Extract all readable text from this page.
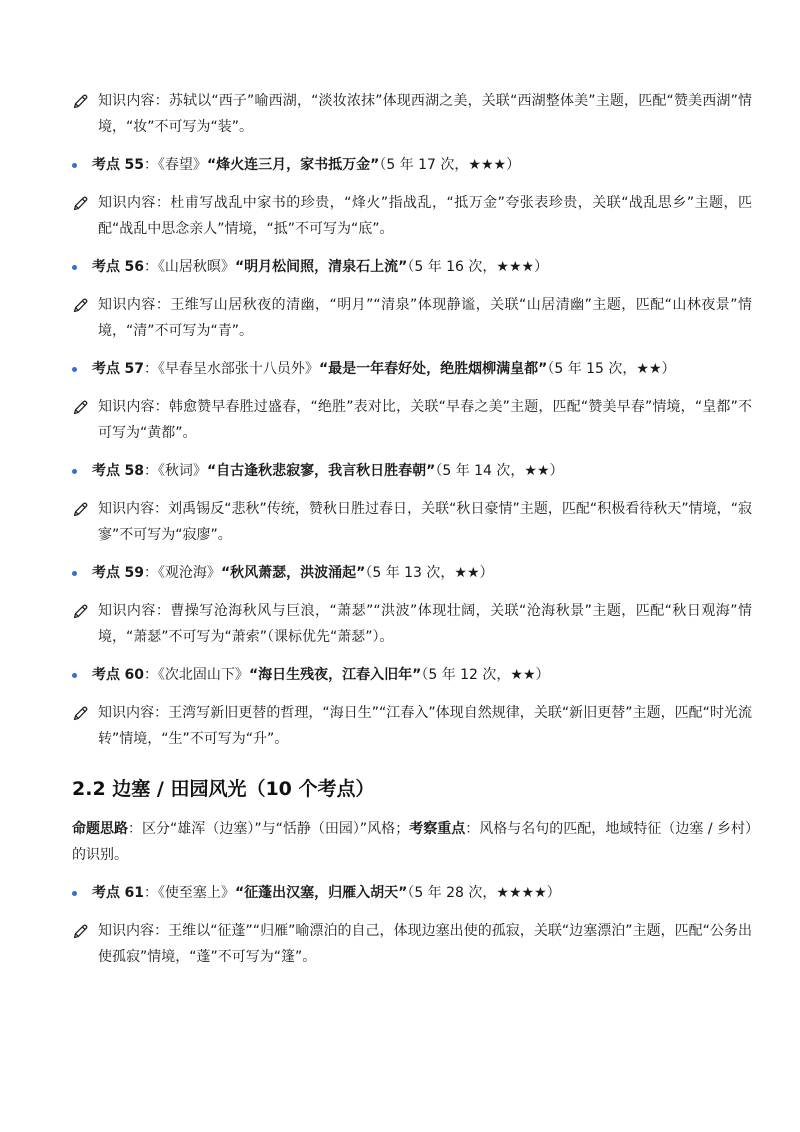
知识内容：苏轼以“西子”喻西湖，“淡妆浓抹”体现西湖之美，关联“西湖整体美”主题，匹配“赞美西湖”情境，“妆”不可写为“装”。

考点 55：《春望》“烽火连三月，家书抵万金”（5 年 17 次，★★★）

知识内容：杜甫写战乱中家书的珍贵，“烽火”指战乱，“抵万金”夸张表珍贵，关联“战乱思乡”主题，匹配“战乱中思念亲人”情境，“抵”不可写为“底”。

考点 56：《山居秋暝》“明月松间照，清泉石上流”（5 年 16 次，★★★）

知识内容：王维写山居秋夜的清幽，“明月”“清泉”体现静谧，关联“山居清幽”主题，匹配“山林夜景”情境，“清”不可写为“青”。

考点 57：《早春呈水部张十八员外》“最是一年春好处，绝胜烟柳满皇都”（5 年 15 次，★★）

知识内容：韩愈赞早春胜过盛春，“绝胜”表对比，关联“早春之美”主题，匹配“赞美早春”情境，“皇都”不可写为“黄都”。

考点 58：《秋词》“自古逢秋悲寂寥，我言秋日胜春朝”（5 年 14 次，★★）

知识内容：刘禹锡反“悲秋”传统，赞秋日胜过春日，关联“秋日豪情”主题，匹配“积极看待秋天”情境，“寂寥”不可写为“寂廖”。

考点 59：《观沧海》“秋风萧瑟，洪波涌起”（5 年 13 次，★★）

知识内容：曹操写沧海秋风与巨浪，“萧瑟”“洪波”体现壮阔，关联“沧海秋景”主题，匹配“秋日观海”情境，“萧瑟”不可写为“萧索”（课标优先“萧瑟”）。

考点 60：《次北固山下》“海日生残夜，江春入旧年”（5 年 12 次，★★）

知识内容：王湾写新旧更替的哲理，“海日生”“江春入”体现自然规律，关联“新旧更替”主题，匹配“时光流转”情境，“生”不可写为“升”。

2.2 边塞 / 田园风光（10 个考点）

命题思路：区分“雄浑（边塞）”与“恬静（田园）”风格；考察重点：风格与名句的匹配，地域特征（边塞 / 乡村）的识别。

考点 61：《使至塞上》“征蓬出汉塞，归雁入胡天”（5 年 28 次，★★★★）

知识内容：王维以“征蓬”“归雁”喻漂泊的自己，体现边塞出使的孤寂，关联“边塞漂泊”主题，匹配“公务出使孤寂”情境，“蓬”不可写为“篷”。
